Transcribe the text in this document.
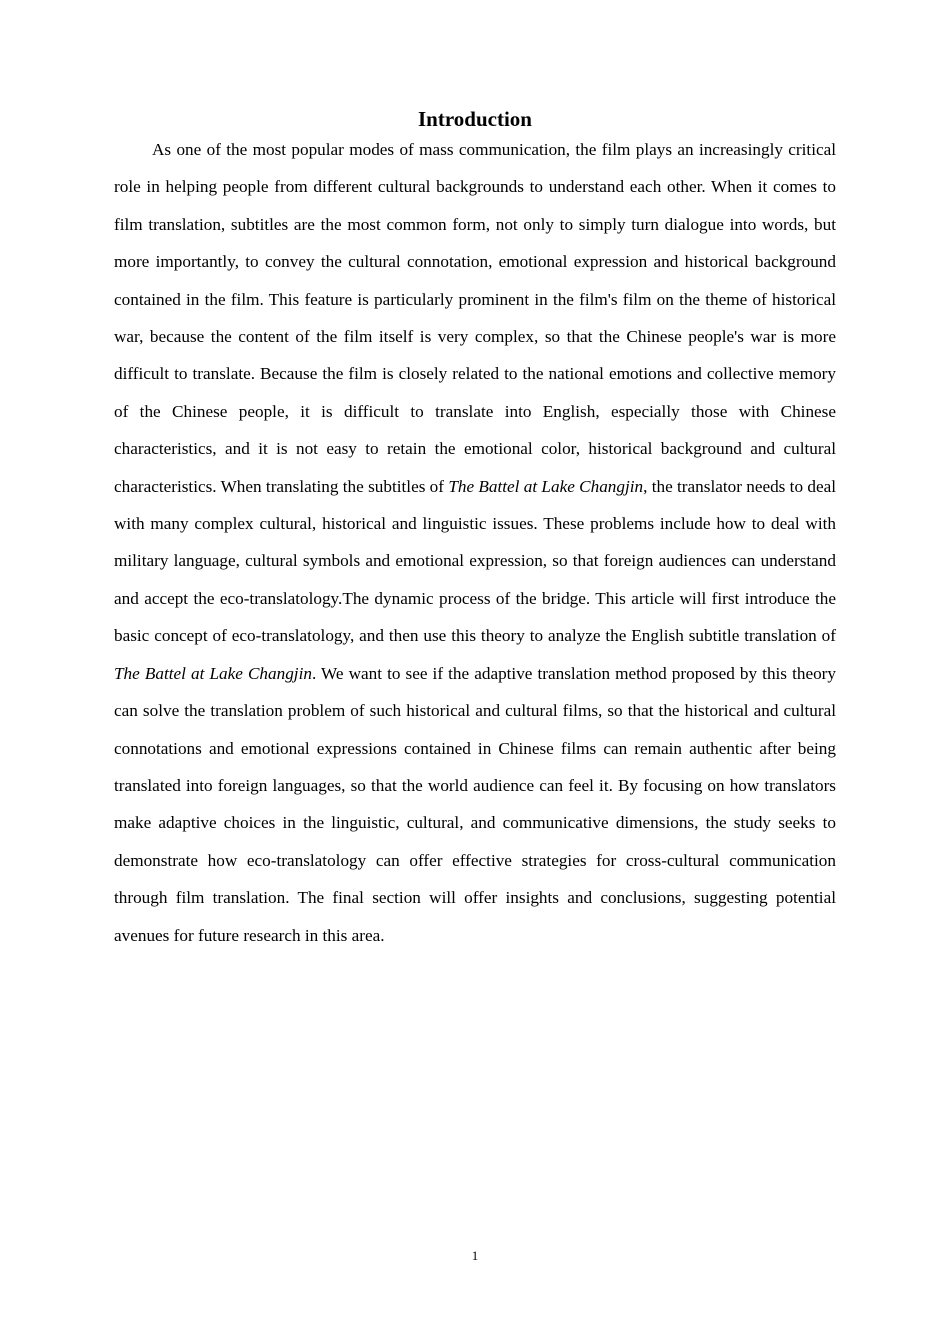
Introduction

As one of the most popular modes of mass communication, the film plays an increasingly critical role in helping people from different cultural backgrounds to understand each other. When it comes to film translation, subtitles are the most common form, not only to simply turn dialogue into words, but more importantly, to convey the cultural connotation, emotional expression and historical background contained in the film. This feature is particularly prominent in the film's film on the theme of historical war, because the content of the film itself is very complex, so that the Chinese people's war is more difficult to translate. Because the film is closely related to the national emotions and collective memory of the Chinese people, it is difficult to translate into English, especially those with Chinese characteristics, and it is not easy to retain the emotional color, historical background and cultural characteristics. When translating the subtitles of The Battel at Lake Changjin, the translator needs to deal with many complex cultural, historical and linguistic issues. These problems include how to deal with military language, cultural symbols and emotional expression, so that foreign audiences can understand and accept the eco-translatology.The dynamic process of the bridge. This article will first introduce the basic concept of eco-translatology, and then use this theory to analyze the English subtitle translation of The Battel at Lake Changjin. We want to see if the adaptive translation method proposed by this theory can solve the translation problem of such historical and cultural films, so that the historical and cultural connotations and emotional expressions contained in Chinese films can remain authentic after being translated into foreign languages, so that the world audience can feel it. By focusing on how translators make adaptive choices in the linguistic, cultural, and communicative dimensions, the study seeks to demonstrate how eco-translatology can offer effective strategies for cross-cultural communication through film translation. The final section will offer insights and conclusions, suggesting potential avenues for future research in this area.

1
